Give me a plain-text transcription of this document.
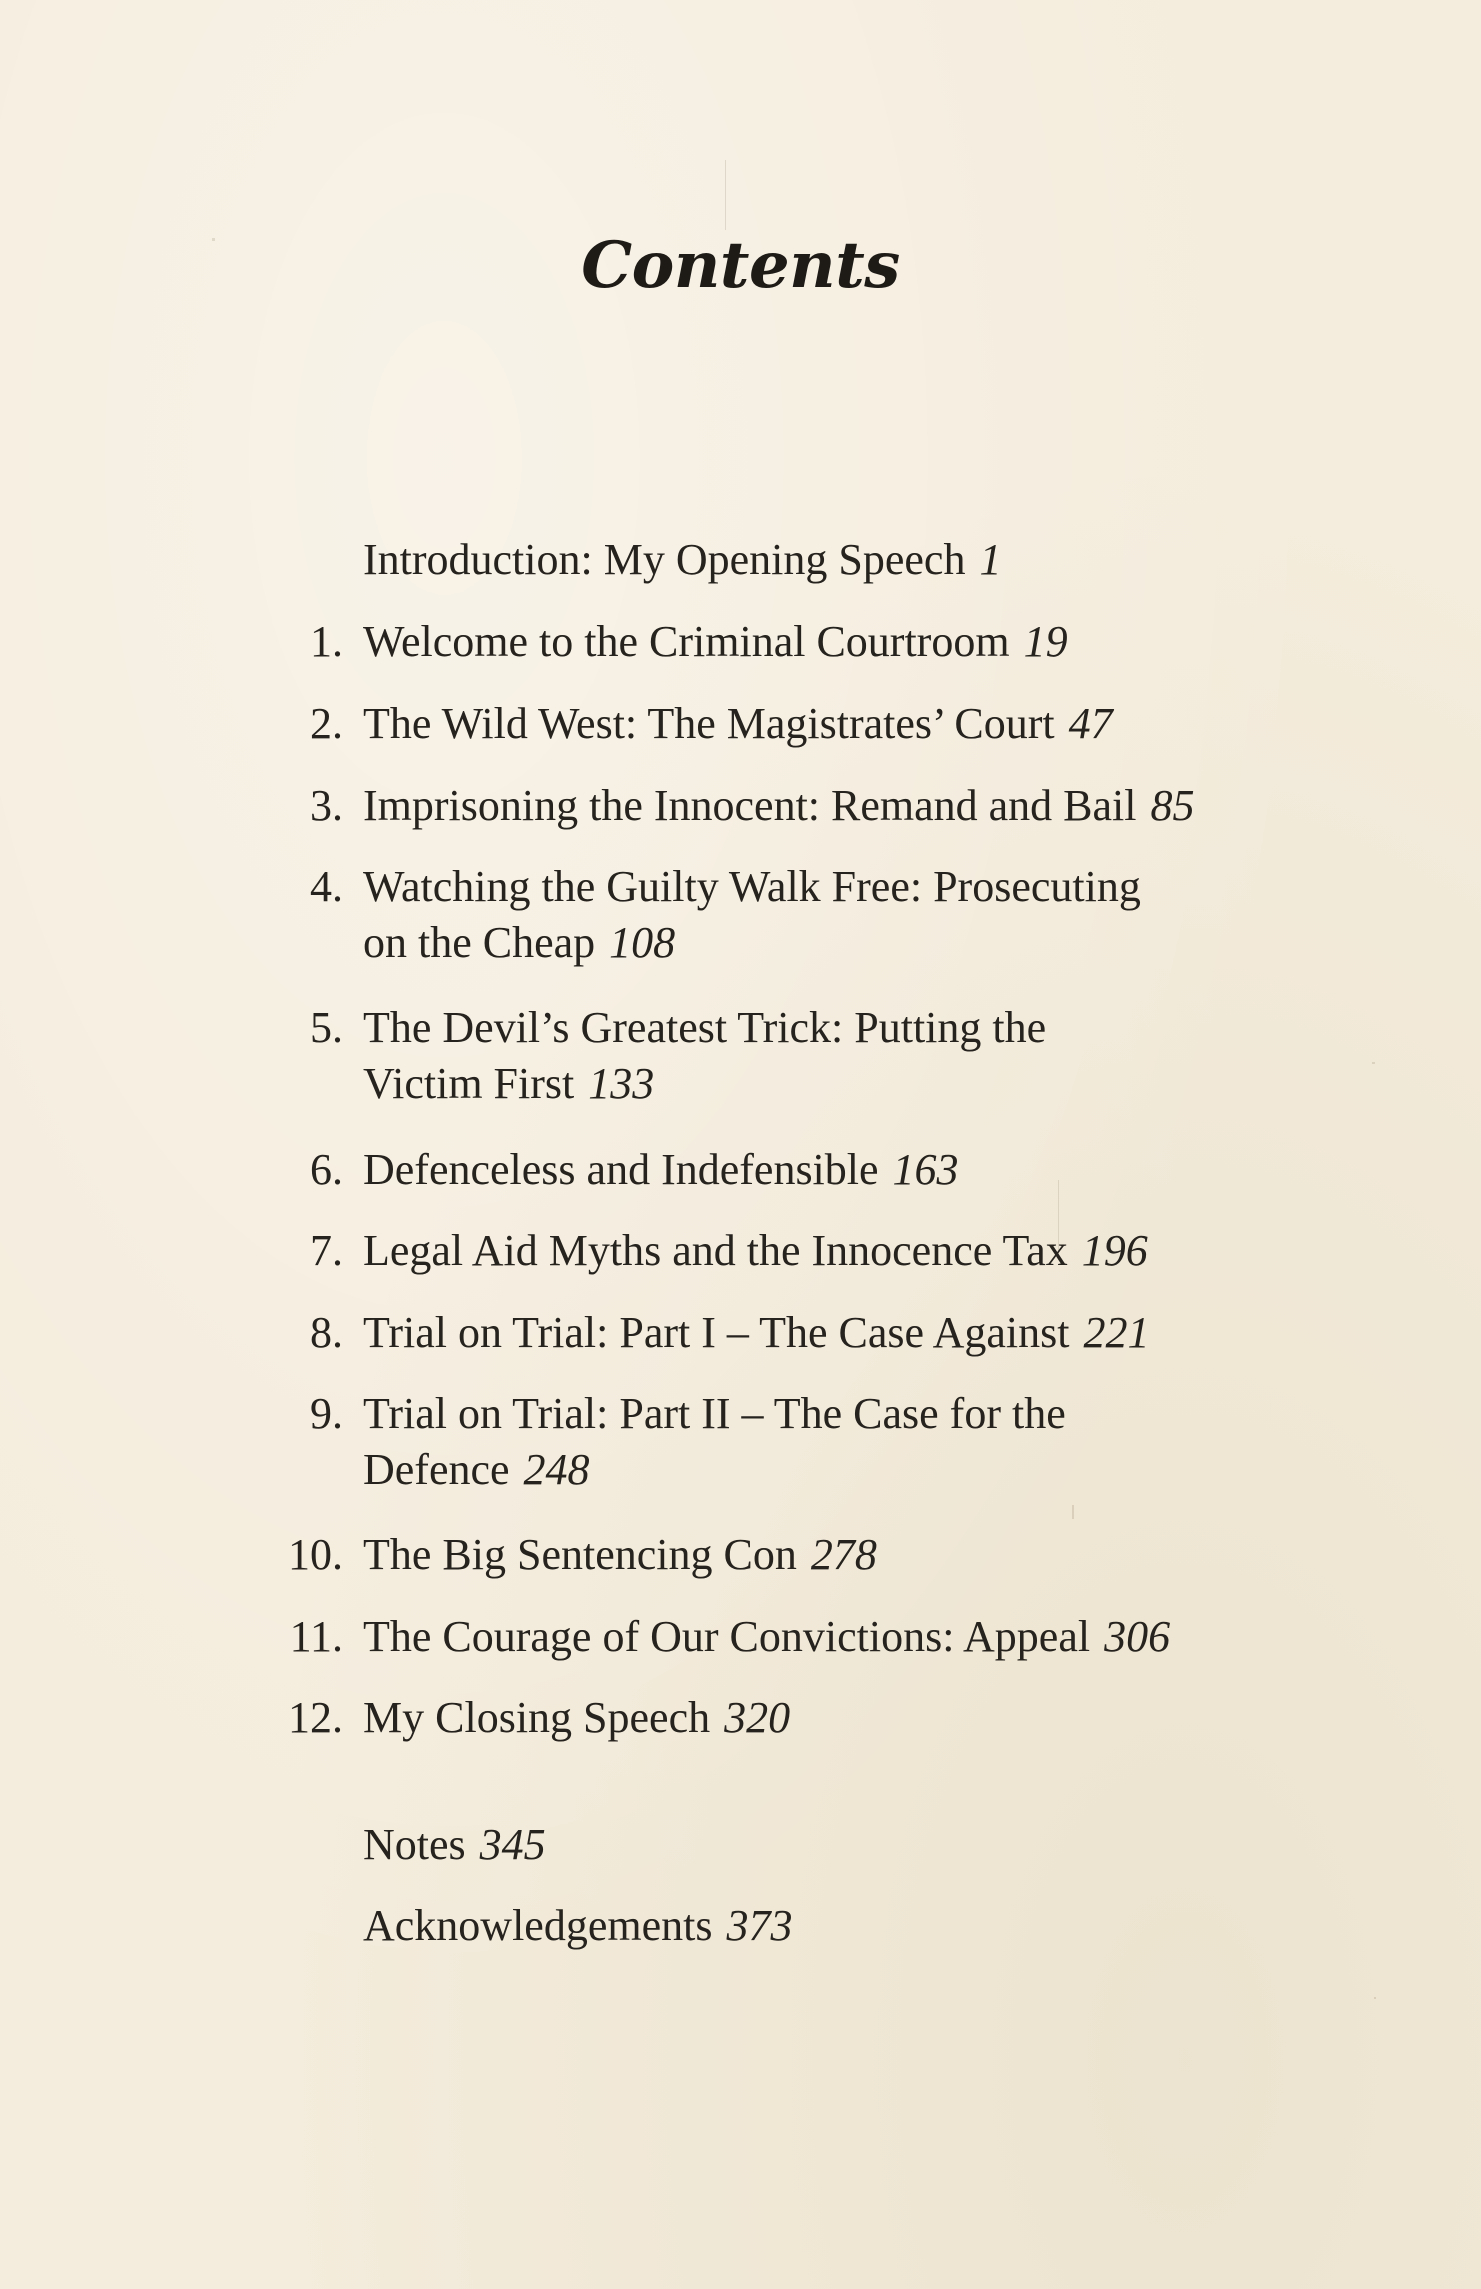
Contents
Introduction: My Opening Speech 1
1. Welcome to the Criminal Courtroom 19
2. The Wild West: The Magistrates’ Court 47
3. Imprisoning the Innocent: Remand and Bail 85
4. Watching the Guilty Walk Free: Prosecuting
on the Cheap 108
5. The Devil’s Greatest Trick: Putting the
Victim First 133
6. Defenceless and Indefensible 163
7. Legal Aid Myths and the Innocence Tax 196
8. Trial on Trial: Part I – The Case Against 221
9. Trial on Trial: Part II – The Case for the
Defence 248
10. The Big Sentencing Con 278
11. The Courage of Our Convictions: Appeal 306
12. My Closing Speech 320
Notes 345
Acknowledgements 373
